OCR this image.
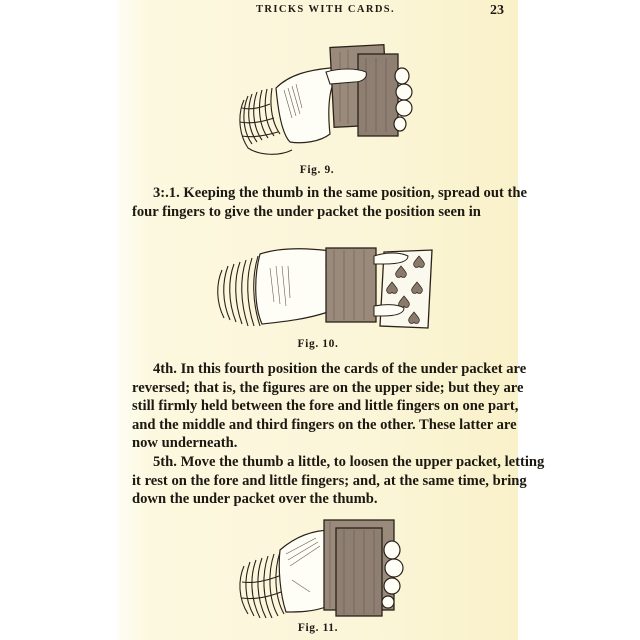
TRICKS WITH CARDS.	23
Fig. 9.
3:.1. Keeping the thumb in the same position, spread out the
four fingers to give the under packet the position seen in
Fig. 10.
4th. In this fourth position the cards of the under packet are
reversed; that is, the figures are on the upper side; but they are
still firmly held between the fore and little fingers on one part,
and the middle and third fingers on the other. These latter are
now underneath.
5th. Move the thumb a little, to loosen the upper packet, letting
it rest on the fore and little fingers; and, at the same time, bring
down the under packet over the thumb.
Fig. 11.
